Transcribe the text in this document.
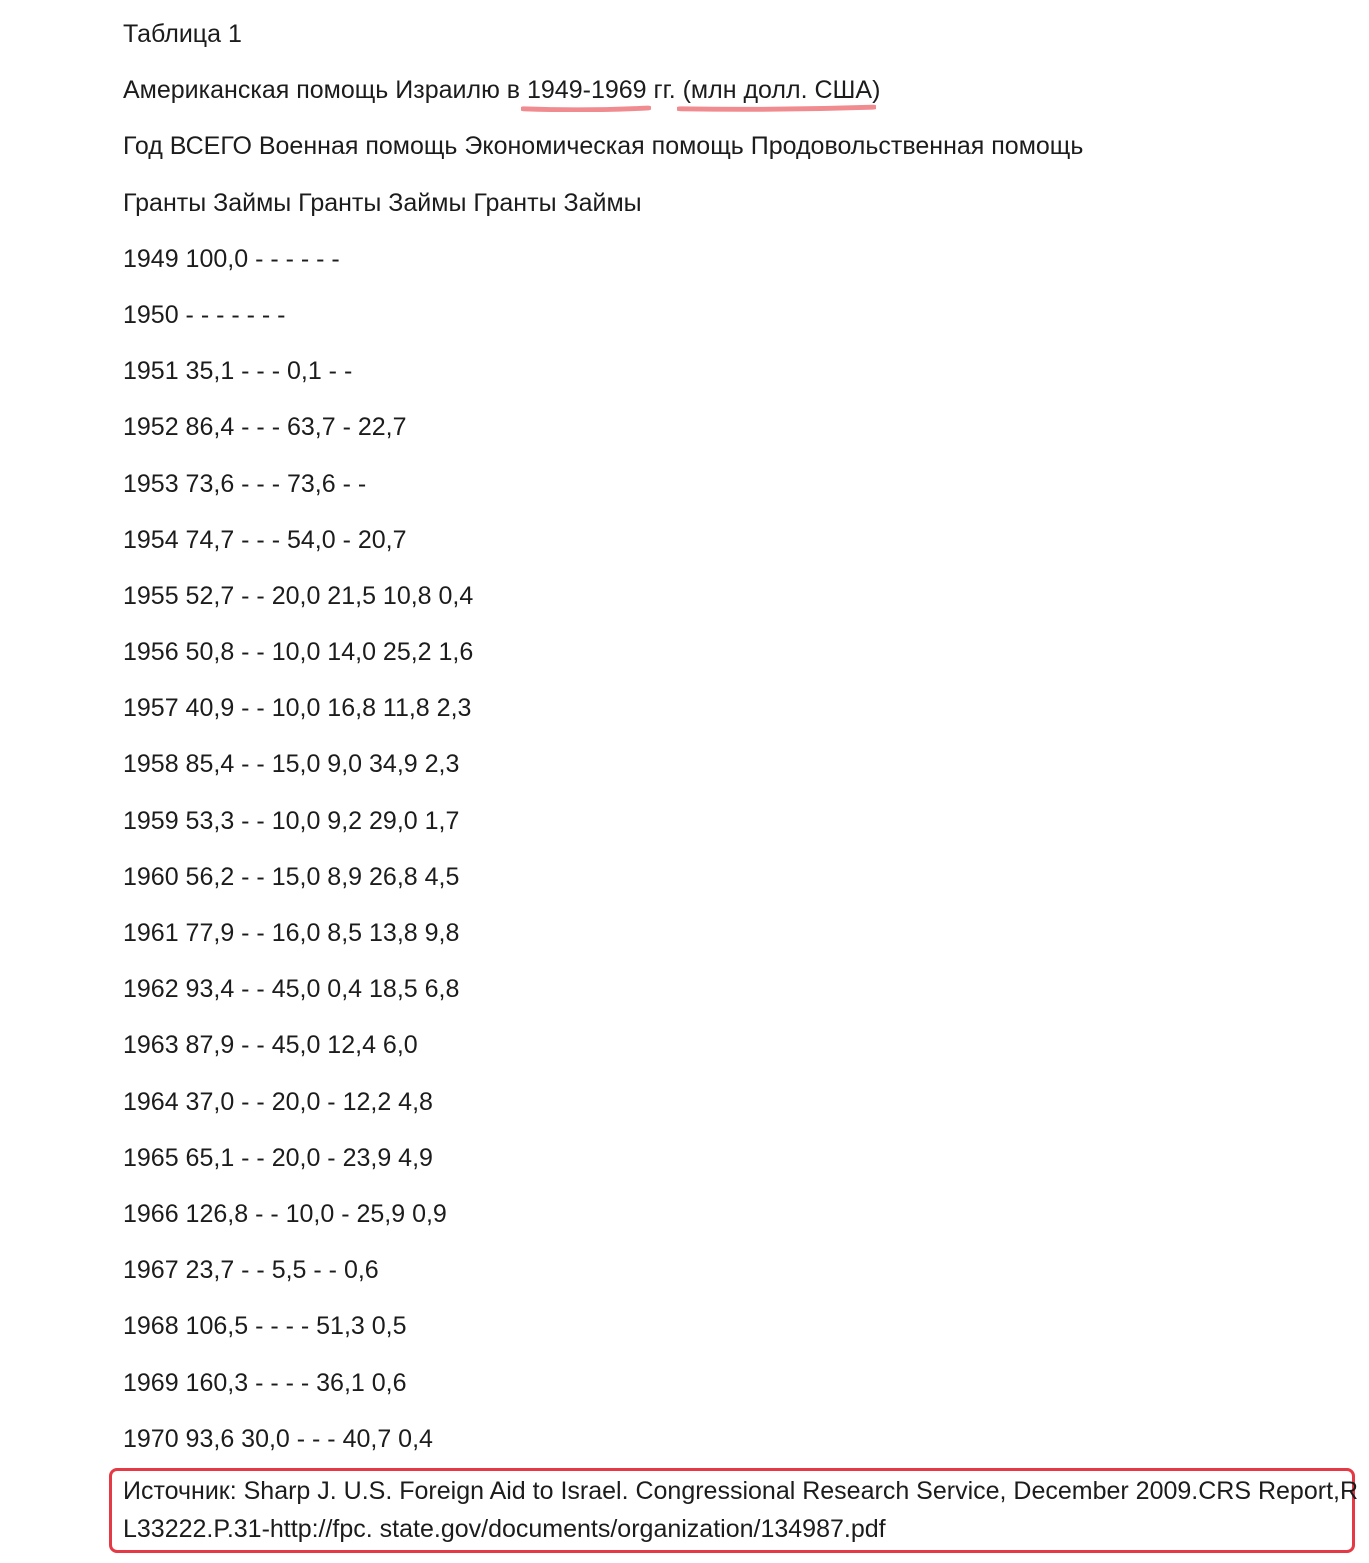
Таблица 1
Американская помощь Израилю в 1949-1969
гг. (млн долл. США
)
Год ВСЕГО Военная помощь Экономическая помощь Продовольственная помощь
Гранты Займы Гранты Займы Гранты Займы
1949 100,0 - - - - - -
1950 - - - - - - -
1951 35,1 - - - 0,1 - -
1952 86,4 - - - 63,7 - 22,7
1953 73,6 - - - 73,6 - -
1954 74,7 - - - 54,0 - 20,7
1955 52,7 - - 20,0 21,5 10,8 0,4
1956 50,8 - - 10,0 14,0 25,2 1,6
1957 40,9 - - 10,0 16,8 11,8 2,3
1958 85,4 - - 15,0 9,0 34,9 2,3
1959 53,3 - - 10,0 9,2 29,0 1,7
1960 56,2 - - 15,0 8,9 26,8 4,5
1961 77,9 - - 16,0 8,5 13,8 9,8
1962 93,4 - - 45,0 0,4 18,5 6,8
1963 87,9 - - 45,0 12,4 6,0
1964 37,0 - - 20,0 - 12,2 4,8
1965 65,1 - - 20,0 - 23,9 4,9
1966 126,8 - - 10,0 - 25,9 0,9
1967 23,7 - - 5,5 - - 0,6
1968 106,5 - - - - 51,3 0,5
1969 160,3 - - - - 36,1 0,6
1970 93,6 30,0 - - - 40,7 0,4
Источник: Sharp J. U.S. Foreign Aid to Israel. Congressional Research Service, December 2009.CRS Report,RL33222.P.31-http://fpc. state.gov/documents/organization/134987.pdf
